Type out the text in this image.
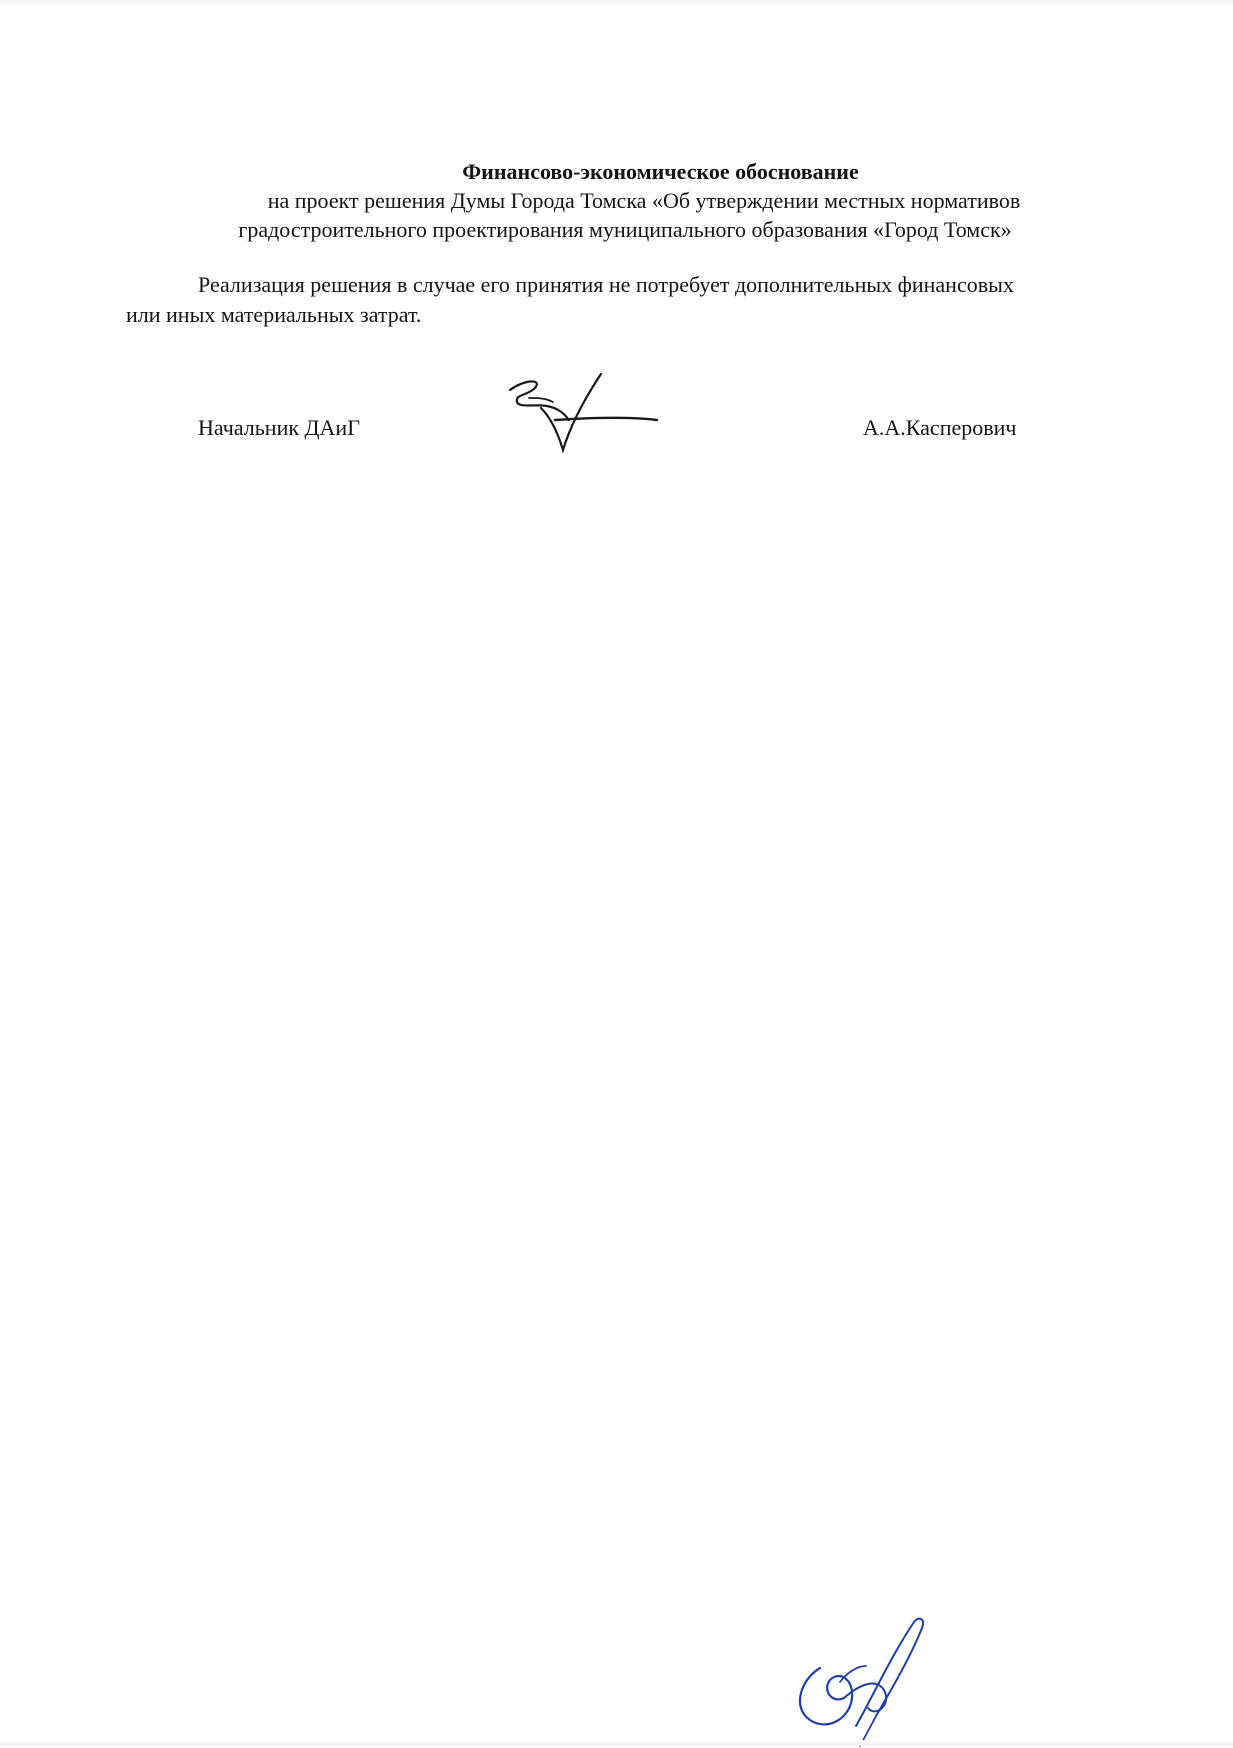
Финансово-экономическое обоснование
на проект решения Думы Города Томска «Об утверждении местных нормативов
градостроительного проектирования муниципального образования «Город Томск»
Реализация решения в случае его принятия не потребует дополнительных финансовых
или иных материальных затрат.
Начальник ДАиГ	А.А.Касперович
